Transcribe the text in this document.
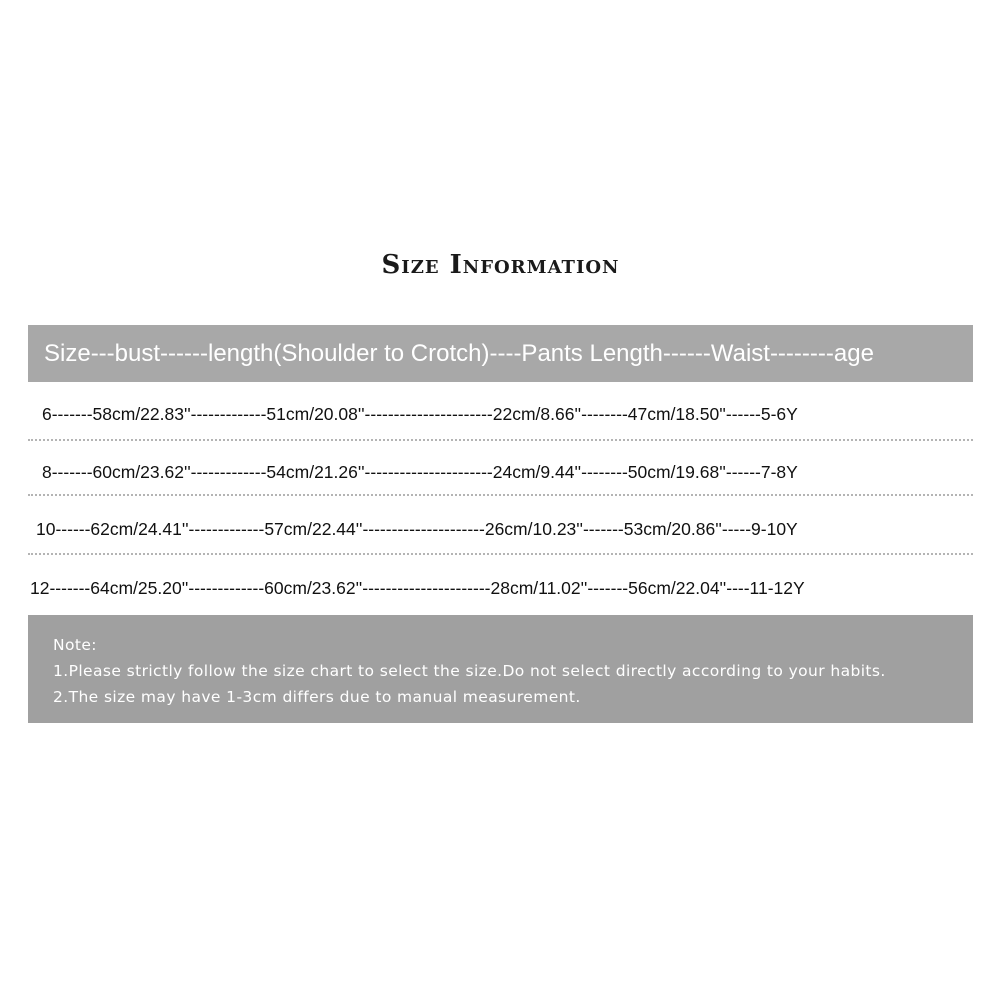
Size Information
Size---bust------length(Shoulder to Crotch)----Pants Length------Waist--------age
6-------58cm/22.83''-------------51cm/20.08''----------------------22cm/8.66''--------47cm/18.50''------5-6Y
8-------60cm/23.62''-------------54cm/21.26''----------------------24cm/9.44''--------50cm/19.68''------7-8Y
10------62cm/24.41''-------------57cm/22.44''---------------------26cm/10.23''-------53cm/20.86''-----9-10Y
12-------64cm/25.20''-------------60cm/23.62''----------------------28cm/11.02''-------56cm/22.04''----11-12Y
Note:
1.Please strictly follow the size chart to select the size.Do not select directly according to your habits.
2.The size may have 1-3cm differs due to manual measurement.
